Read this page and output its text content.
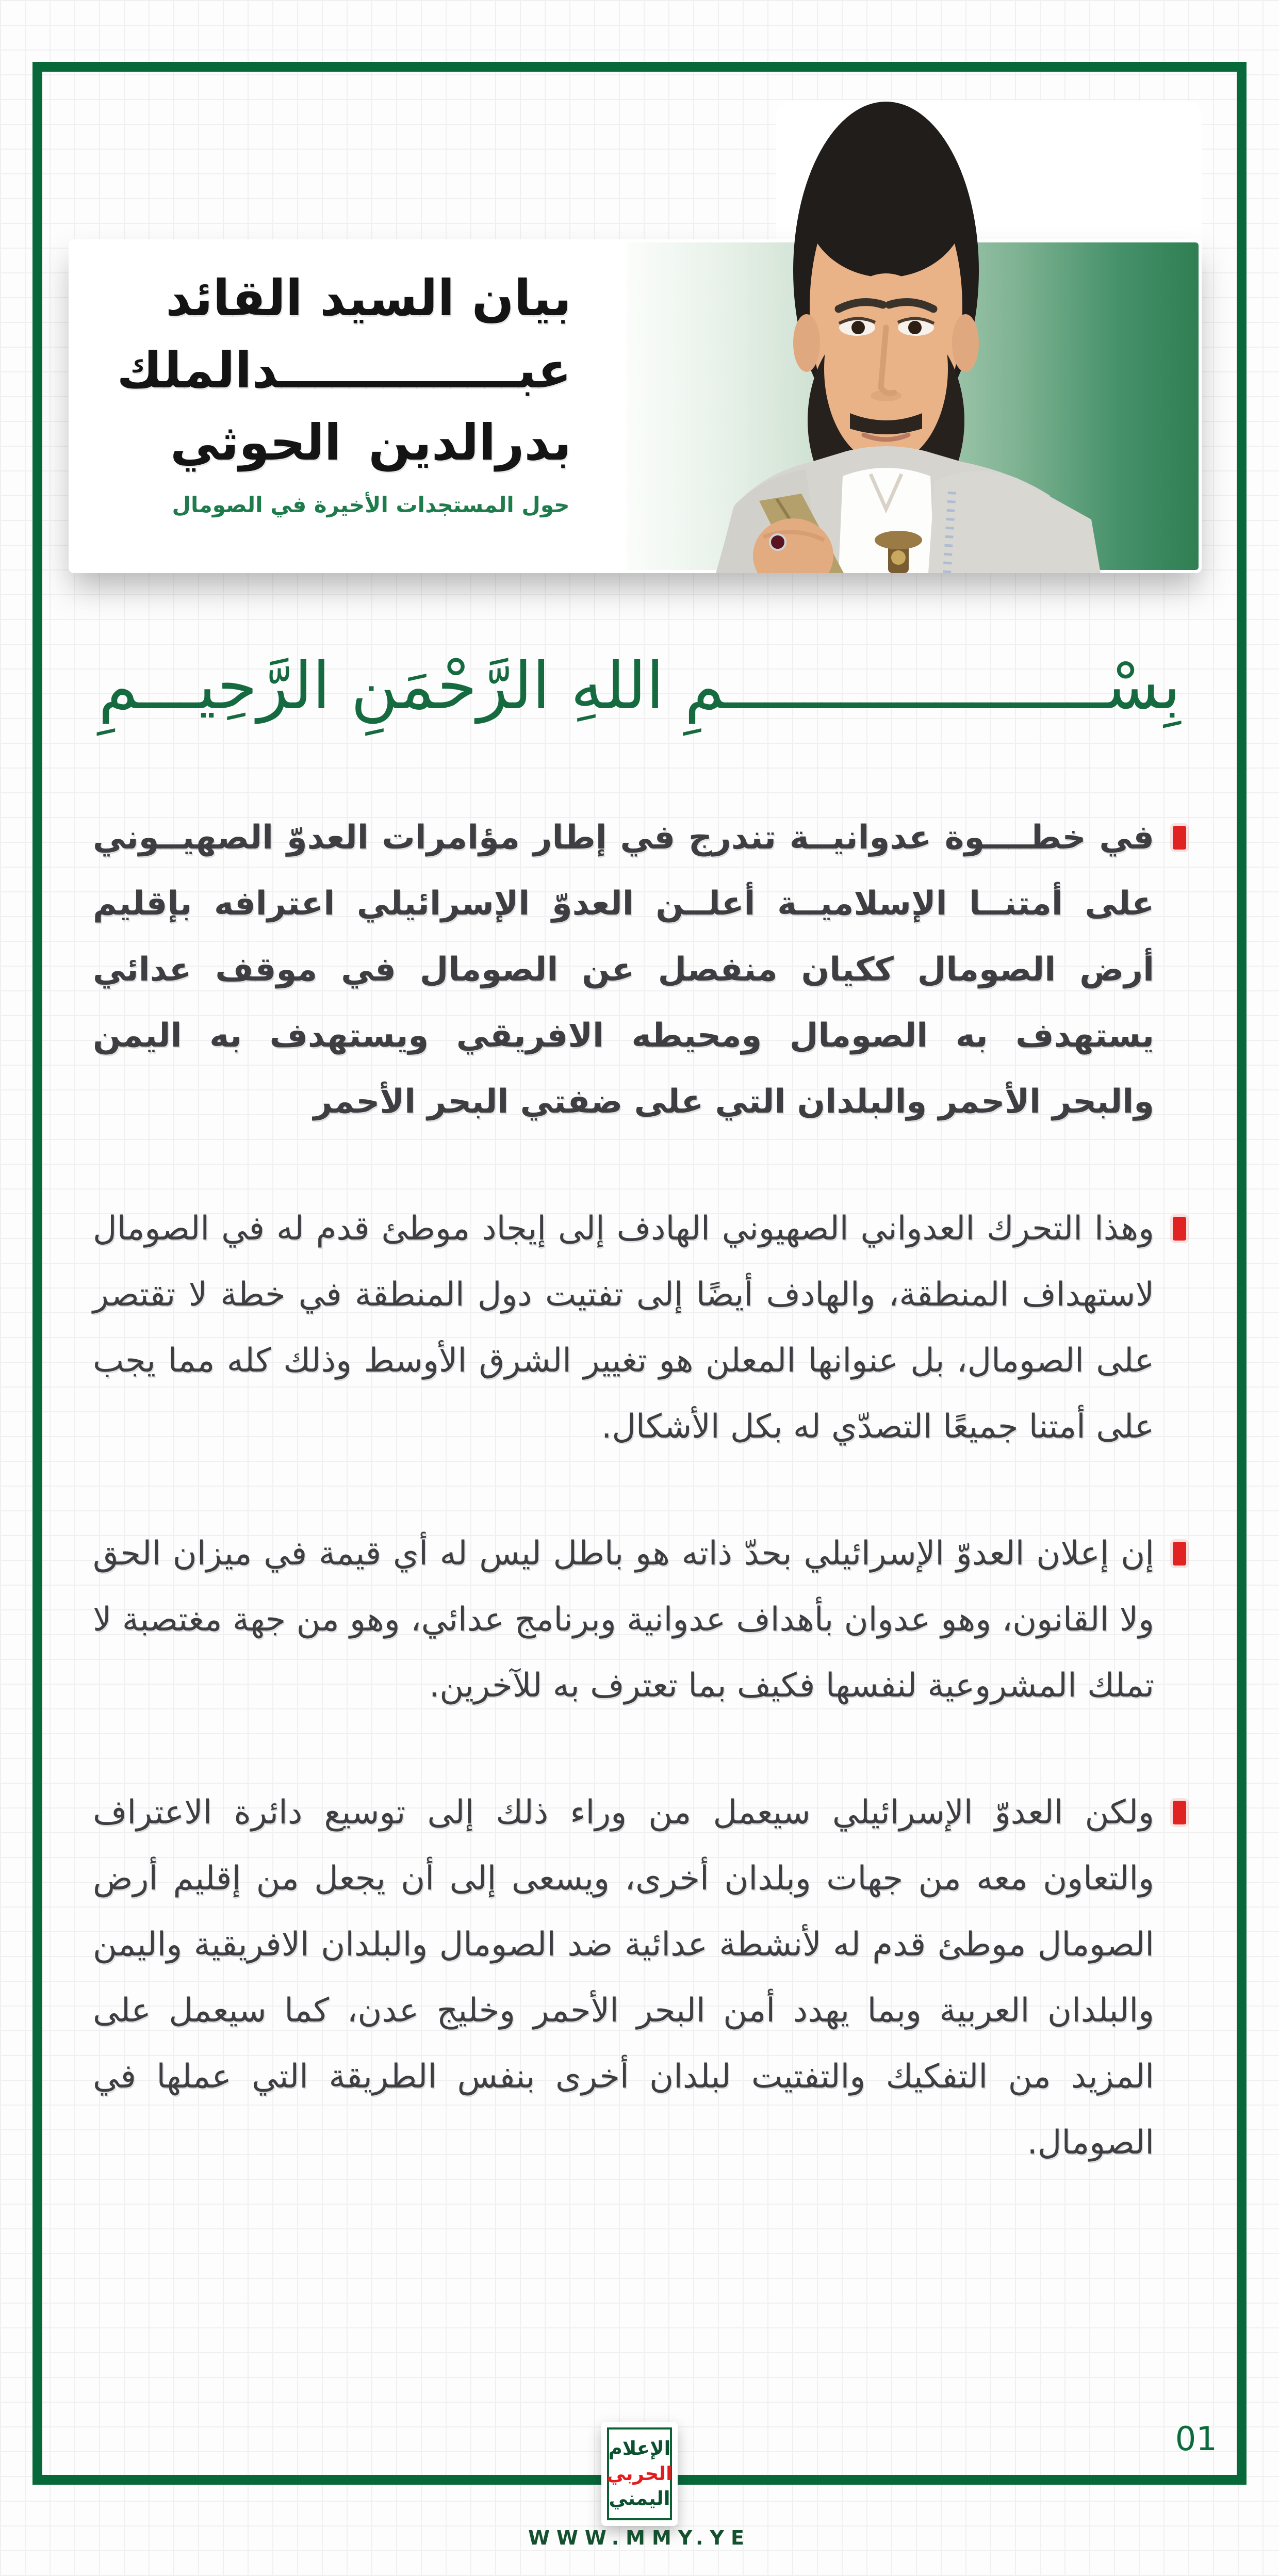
بيان السيد القائد
عبــــــــــــــدالملك
بدرالدين الحوثي
حول المستجدات الأخيرة في الصومال
بِسْــــــــــــــــــــمِ اللهِ الرَّحْمَنِ الرَّحِيـــمِ
في خطــــوة عدوانيــة تندرج في إطار مؤامرات العدوّ الصهيــوني على أمتنــا الإسلاميــة أعلــن العدوّ الإسرائيلي اعترافه بإقليم أرض الصومال ككيان منفصل عن الصومال في موقف عدائي يستهدف به الصومال ومحيطه الافريقي ويستهدف به اليمن والبحر الأحمر والبلدان التي على ضفتي البحر الأحمر
وهذا التحرك العدواني الصهيوني الهادف إلى إيجاد موطئ قدم له في الصومال لاستهداف المنطقة، والهادف أيضًا إلى تفتيت دول المنطقة في خطة لا تقتصر على الصومال، بل عنوانها المعلن هو تغيير الشرق الأوسط وذلك كله مما يجب على أمتنا جميعًا التصدّي له بكل الأشكال.
إن إعلان العدوّ الإسرائيلي بحدّ ذاته هو باطل ليس له أي قيمة في ميزان الحق ولا القانون، وهو عدوان بأهداف عدوانية وبرنامج عدائي، وهو من جهة مغتصبة لا تملك المشروعية لنفسها فكيف بما تعترف به للآخرين.
ولكن العدوّ الإسرائيلي سيعمل من وراء ذلك إلى توسيع دائرة الاعتراف والتعاون معه من جهات وبلدان أخرى، ويسعى إلى أن يجعل من إقليم أرض الصومال موطئ قدم له لأنشطة عدائية ضد الصومال والبلدان الافريقية واليمن والبلدان العربية وبما يهدد أمن البحر الأحمر وخليج عدن، كما سيعمل على المزيد من التفكيك والتفتيت لبلدان أخرى بنفس الطريقة التي عملها في الصومال.
01
الإعلام
الحربي
اليمني
WWW.MMY.YE
